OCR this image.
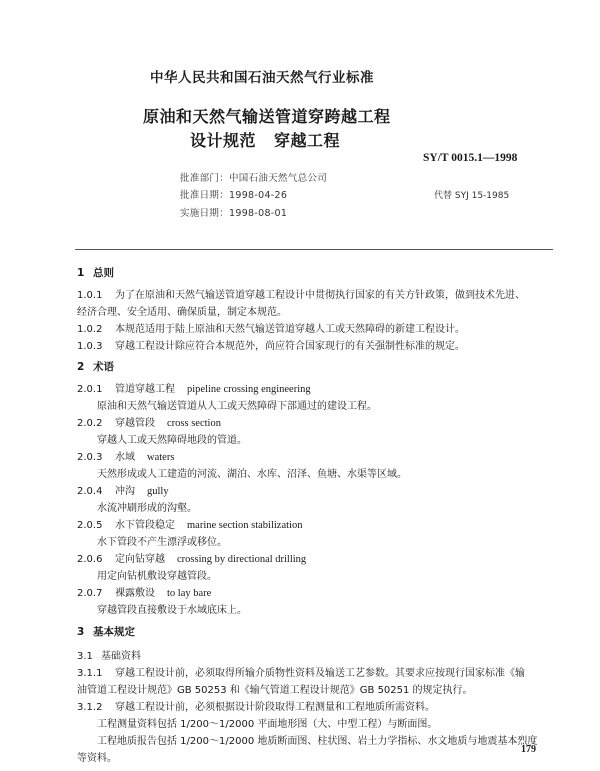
中华人民共和国石油天然气行业标准
原油和天然气输送管道穿跨越工程
设计规范 穿越工程
SY/T 0015.1—1998
批准部门：中国石油天然气总公司
批准日期：1998-04-26	代替 SYJ 15-1985
实施日期：1998-08-01
1 总则
1.0.1 为了在原油和天然气输送管道穿越工程设计中贯彻执行国家的有关方针政策，做到技术先进、
经济合理、安全适用、确保质量，制定本规范。
1.0.2 本规范适用于陆上原油和天然气输送管道穿越人工或天然障碍的新建工程设计。
1.0.3 穿越工程设计除应符合本规范外，尚应符合国家现行的有关强制性标准的规定。
2 术语
2.0.1 管道穿越工程 pipeline crossing engineering
原油和天然气输送管道从人工或天然障碍下部通过的建设工程。
2.0.2 穿越管段 cross section
穿越人工或天然障碍地段的管道。
2.0.3 水域 waters
天然形成或人工建造的河流、湖泊、水库、沼泽、鱼塘、水渠等区域。
2.0.4 冲沟 gully
水流冲刷形成的沟壑。
2.0.5 水下管段稳定 marine section stabilization
水下管段不产生漂浮或移位。
2.0.6 定向钻穿越 crossing by directional drilling
用定向钻机敷设穿越管段。
2.0.7 裸露敷设 to lay bare
穿越管段直接敷设于水域底床上。
3 基本规定
3.1 基础资料
3.1.1 穿越工程设计前，必须取得所输介质物性资料及输送工艺参数。其要求应按现行国家标准《输
油管道工程设计规范》GB 50253 和《输气管道工程设计规范》GB 50251 的规定执行。
3.1.2 穿越工程设计前，必须根据设计阶段取得工程测量和工程地质所需资料。
工程测量资料包括 1/200～1/2000 平面地形图（大、中型工程）与断面图。
工程地质报告包括 1/200～1/2000 地质断面图、柱状图、岩土力学指标、水文地质与地震基本烈度
等资料。
179
